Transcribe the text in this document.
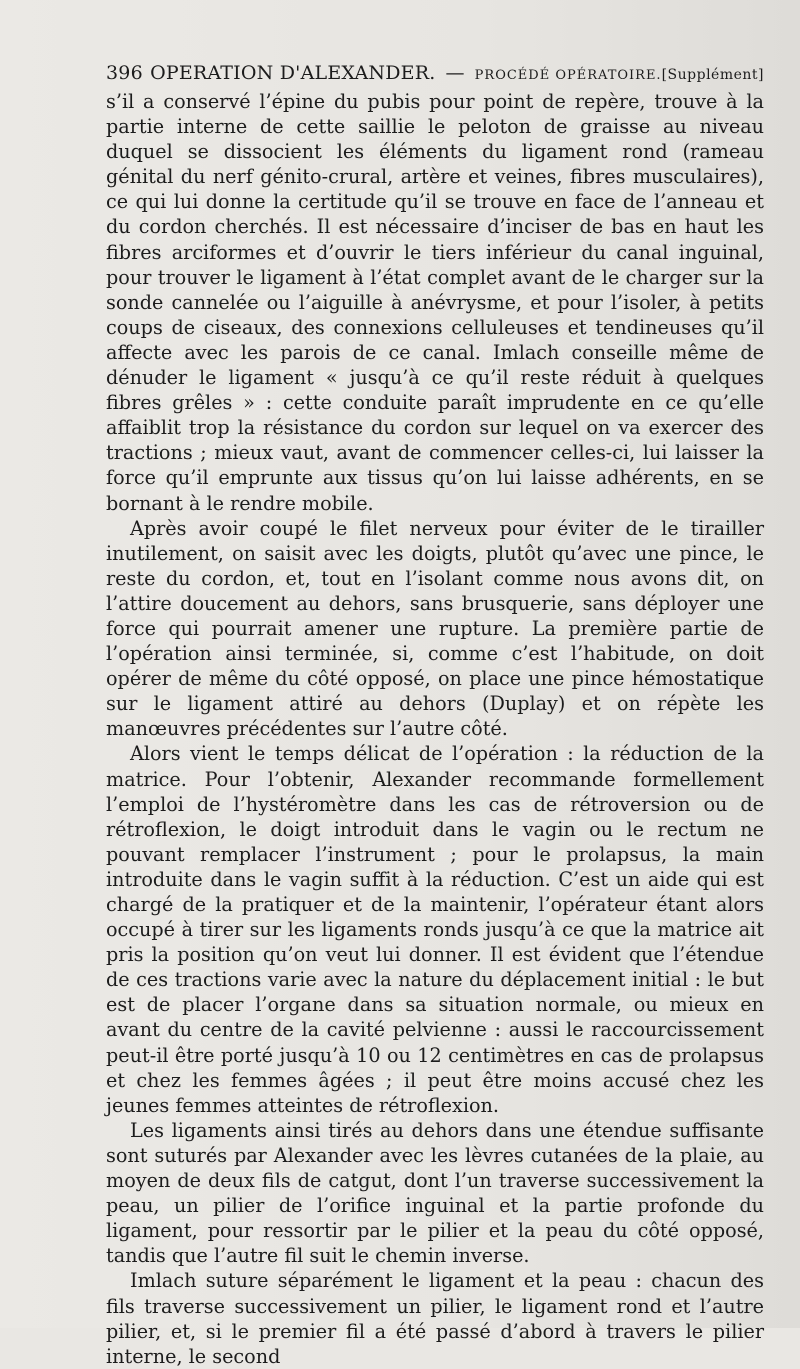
396 OPERATION D'ALEXANDER. — PROCÉDÉ OPÉRATOIRE. [Supplément]

s’il a conservé l’épine du pubis pour point de repère, trouve à la partie interne de cette saillie le peloton de graisse au niveau duquel se dissocient les éléments du ligament rond (rameau génital du nerf génito-crural, artère et veines, fibres musculaires), ce qui lui donne la certitude qu’il se trouve en face de l’anneau et du cordon cherchés. Il est nécessaire d’inciser de bas en haut les fibres arciformes et d’ouvrir le tiers inférieur du canal inguinal, pour trouver le ligament à l’état complet avant de le charger sur la sonde cannelée ou l’aiguille à anévrysme, et pour l’isoler, à petits coups de ciseaux, des connexions celluleuses et tendineuses qu’il affecte avec les parois de ce canal. Imlach conseille même de dénuder le ligament « jusqu’à ce qu’il reste réduit à quelques fibres grêles » : cette conduite paraît imprudente en ce qu’elle affaiblit trop la résistance du cordon sur lequel on va exercer des tractions ; mieux vaut, avant de commencer celles-ci, lui laisser la force qu’il emprunte aux tissus qu’on lui laisse adhérents, en se bornant à le rendre mobile.

Après avoir coupé le filet nerveux pour éviter de le tirailler inutilement, on saisit avec les doigts, plutôt qu’avec une pince, le reste du cordon, et, tout en l’isolant comme nous avons dit, on l’attire doucement au dehors, sans brusquerie, sans déployer une force qui pourrait amener une rupture. La première partie de l’opération ainsi terminée, si, comme c’est l’habitude, on doit opérer de même du côté opposé, on place une pince hémostatique sur le ligament attiré au dehors (Duplay) et on répète les manœuvres précédentes sur l’autre côté.

Alors vient le temps délicat de l’opération : la réduction de la matrice. Pour l’obtenir, Alexander recommande formellement l’emploi de l’hystéromètre dans les cas de rétroversion ou de rétroflexion, le doigt introduit dans le vagin ou le rectum ne pouvant remplacer l’instrument ; pour le prolapsus, la main introduite dans le vagin suffit à la réduction. C’est un aide qui est chargé de la pratiquer et de la maintenir, l’opérateur étant alors occupé à tirer sur les ligaments ronds jusqu’à ce que la matrice ait pris la position qu’on veut lui donner. Il est évident que l’étendue de ces tractions varie avec la nature du déplacement initial : le but est de placer l’organe dans sa situation normale, ou mieux en avant du centre de la cavité pelvienne : aussi le raccourcissement peut-il être porté jusqu’à 10 ou 12 centimètres en cas de prolapsus et chez les femmes âgées ; il peut être moins accusé chez les jeunes femmes atteintes de rétroflexion.

Les ligaments ainsi tirés au dehors dans une étendue suffisante sont suturés par Alexander avec les lèvres cutanées de la plaie, au moyen de deux fils de catgut, dont l’un traverse successivement la peau, un pilier de l’orifice inguinal et la partie profonde du ligament, pour ressortir par le pilier et la peau du côté opposé, tandis que l’autre fil suit le chemin inverse.

Imlach suture séparément le ligament et la peau : chacun des fils traverse successivement un pilier, le ligament rond et l’autre pilier, et, si le premier fil a été passé d’abord à travers le pilier interne, le second
